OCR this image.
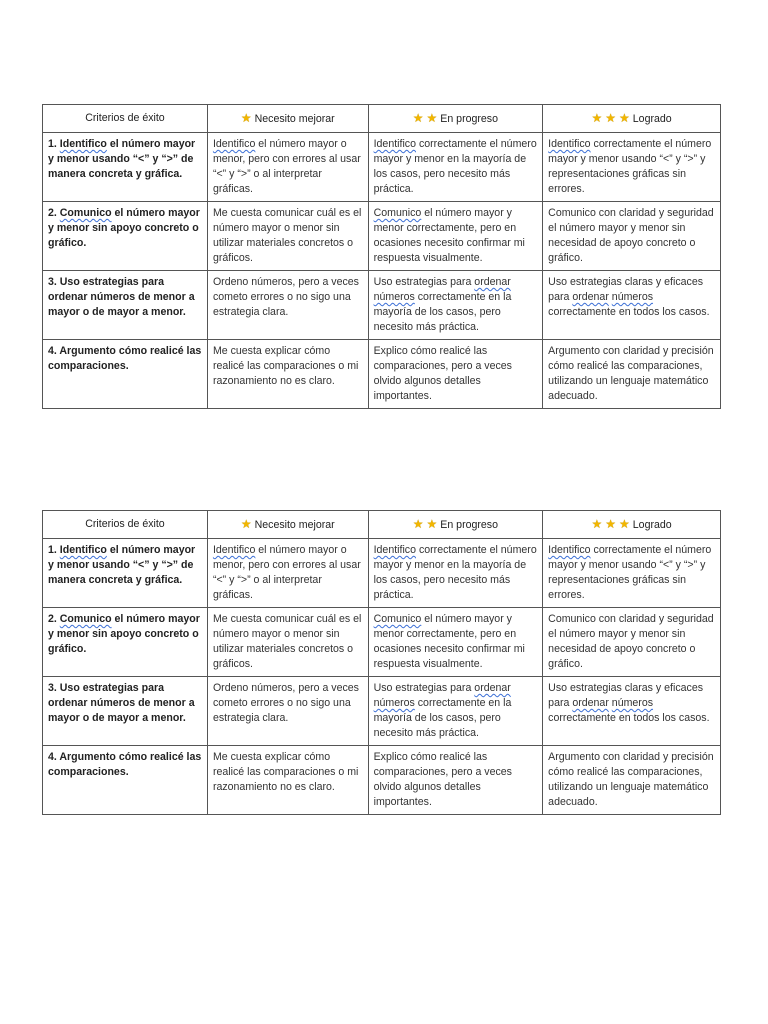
Criterios de éxito	★ Necesito mejorar	★ ★ En progreso	★ ★ ★ Logrado
1. Identifico el número mayor y menor usando “<” y “>” de manera concreta y gráfica.	Identifico el número mayor o menor, pero con errores al usar “<” y “>” o al interpretar gráficas.	Identifico correctamente el número mayor y menor en la mayoría de los casos, pero necesito más práctica.	Identifico correctamente el número mayor y menor usando “<” y “>” y representaciones gráficas sin errores.
2. Comunico el número mayor y menor sin apoyo concreto o gráfico.	Me cuesta comunicar cuál es el número mayor o menor sin utilizar materiales concretos o gráficos.	Comunico el número mayor y menor correctamente, pero en ocasiones necesito confirmar mi respuesta visualmente.	Comunico con claridad y seguridad el número mayor y menor sin necesidad de apoyo concreto o gráfico.
3. Uso estrategias para ordenar números de menor a mayor o de mayor a menor.	Ordeno números, pero a veces cometo errores o no sigo una estrategia clara.	Uso estrategias para ordenar números correctamente en la mayoría de los casos, pero necesito más práctica.	Uso estrategias claras y eficaces para ordenar números correctamente en todos los casos.
4. Argumento cómo realicé las comparaciones.	Me cuesta explicar cómo realicé las comparaciones o mi razonamiento no es claro.	Explico cómo realicé las comparaciones, pero a veces olvido algunos detalles importantes.	Argumento con claridad y precisión cómo realicé las comparaciones, utilizando un lenguaje matemático adecuado.
Criterios de éxito	★ Necesito mejorar	★ ★ En progreso	★ ★ ★ Logrado
1. Identifico el número mayor y menor usando “<” y “>” de manera concreta y gráfica.	Identifico el número mayor o menor, pero con errores al usar “<” y “>” o al interpretar gráficas.	Identifico correctamente el número mayor y menor en la mayoría de los casos, pero necesito más práctica.	Identifico correctamente el número mayor y menor usando “<” y “>” y representaciones gráficas sin errores.
2. Comunico el número mayor y menor sin apoyo concreto o gráfico.	Me cuesta comunicar cuál es el número mayor o menor sin utilizar materiales concretos o gráficos.	Comunico el número mayor y menor correctamente, pero en ocasiones necesito confirmar mi respuesta visualmente.	Comunico con claridad y seguridad el número mayor y menor sin necesidad de apoyo concreto o gráfico.
3. Uso estrategias para ordenar números de menor a mayor o de mayor a menor.	Ordeno números, pero a veces cometo errores o no sigo una estrategia clara.	Uso estrategias para ordenar números correctamente en la mayoría de los casos, pero necesito más práctica.	Uso estrategias claras y eficaces para ordenar números correctamente en todos los casos.
4. Argumento cómo realicé las comparaciones.	Me cuesta explicar cómo realicé las comparaciones o mi razonamiento no es claro.	Explico cómo realicé las comparaciones, pero a veces olvido algunos detalles importantes.	Argumento con claridad y precisión cómo realicé las comparaciones, utilizando un lenguaje matemático adecuado.
